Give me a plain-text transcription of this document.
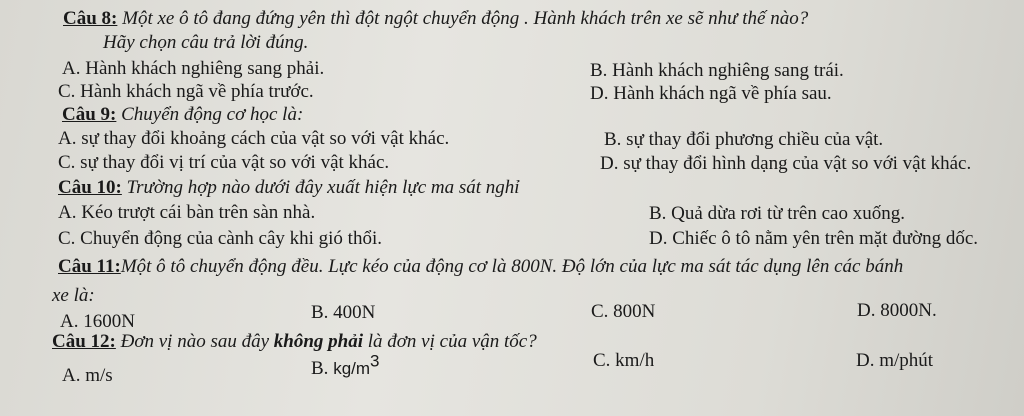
Câu 8: Một xe ô tô đang đứng yên thì đột ngột chuyển động . Hành khách trên xe sẽ như thế nào?
Hãy chọn câu trả lời đúng.
A. Hành khách nghiêng sang phải.	B. Hành khách nghiêng sang trái.
C. Hành khách ngã về phía trước.	D. Hành khách ngã về phía sau.
Câu 9: Chuyển động cơ học là:
A. sự thay đổi khoảng cách của vật so với vật khác.	B. sự thay đổi phương chiều của vật.
C. sự thay đổi vị trí của vật so với vật khác.	D. sự thay đổi hình dạng của vật so với vật khác.
Câu 10: Trường hợp nào dưới đây xuất hiện lực ma sát nghỉ
A. Kéo trượt cái bàn trên sàn nhà.	B. Quả dừa rơi từ trên cao xuống.
C. Chuyển động của cành cây khi gió thổi.	D. Chiếc ô tô nằm yên trên mặt đường dốc.
Câu 11:Một ô tô chuyển động đều. Lực kéo của động cơ là 800N. Độ lớn của lực ma sát tác dụng lên các bánh
xe là:
A. 1600N	B. 400N	C. 800N	D. 8000N.
Câu 12: Đơn vị nào sau đây không phải là đơn vị của vận tốc?
A. m/s	B. kg/m3	C. km/h	D. m/phút
